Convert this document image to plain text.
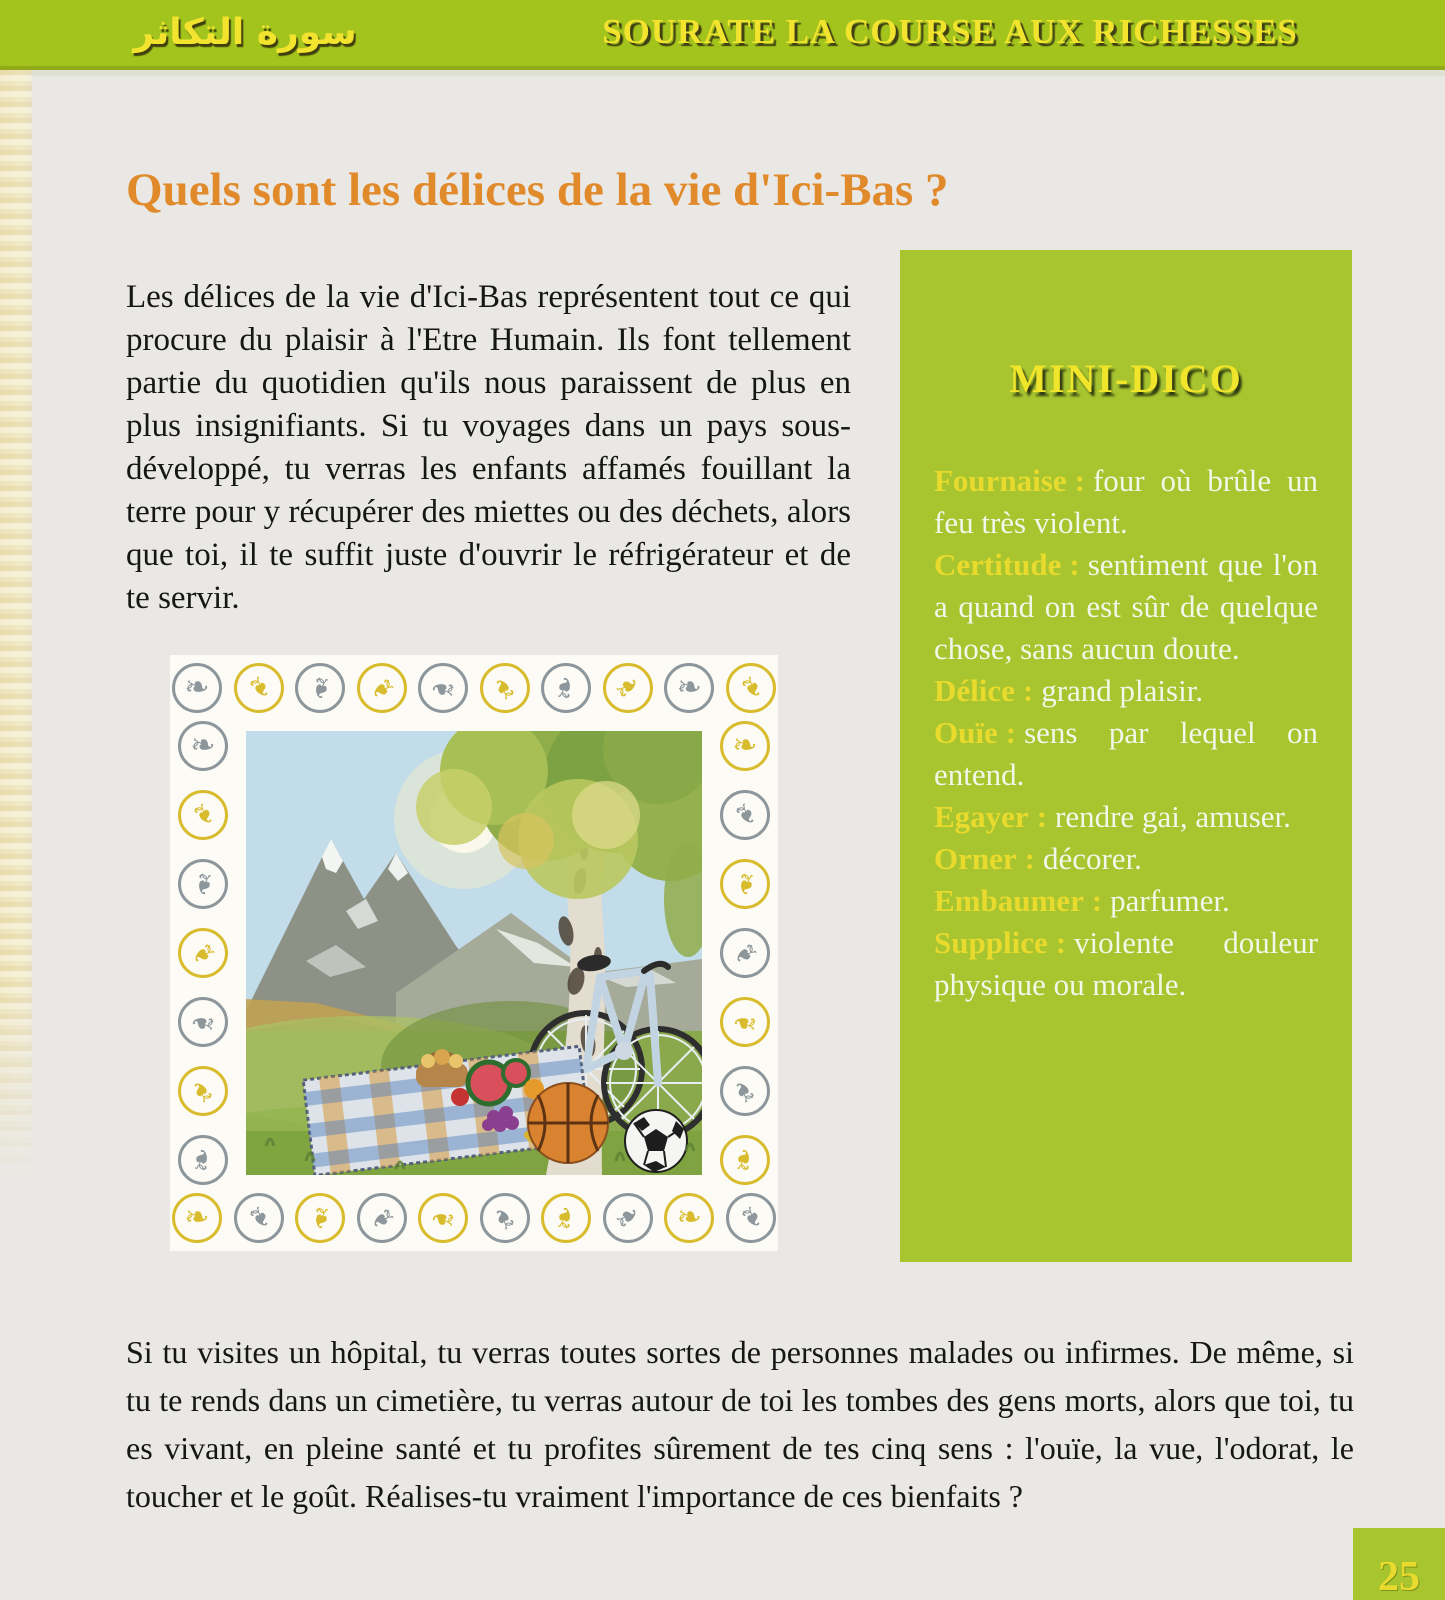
سورة التكاثر	SOURATE LA COURSE AUX RICHESSES
Quels sont les délices de la vie d'Ici-Bas ?

Les délices de la vie d'Ici-Bas représentent tout ce qui procure du plaisir à l'Etre Humain. Ils font tellement partie du quotidien qu'ils nous paraissent de plus en plus insignifiants. Si tu voyages dans un pays sous-développé, tu verras les enfants affamés fouillant la terre pour y récupérer des miettes ou des déchets, alors que toi, il te suffit juste d'ouvrir le réfrigérateur et de te servir.

❧ ❧ ❧ ❧ ❧ ❧ ❧ ❧ ❧ ❧
❧ ❧ ❧ ❧ ❧ ❧ ❧ ❧ ❧ ❧
❧
❧
❧
❧
❧
❧
❧
❧
❧
❧
❧
❧
❧
❧
MINI-DICO

Fournaise : four où brûle un feu très violent.

Certitude : sentiment que l'on a quand on est sûr de quelque chose, sans aucun doute.

Délice : grand plaisir.

Ouïe : sens par lequel on entend.

Egayer : rendre gai, amuser.

Orner : décorer.

Embaumer : parfumer.

Supplice : violente douleur physique ou morale.

Si tu visites un hôpital, tu verras toutes sortes de personnes malades ou infirmes. De même, si tu te rends dans un cimetière, tu verras autour de toi les tombes des gens morts, alors que toi, tu es vivant, en pleine santé et tu profites sûrement de tes cinq sens : l'ouïe, la vue, l'odorat, le toucher et le goût. Réalises-tu vraiment l'importance de ces bienfaits ?

25
